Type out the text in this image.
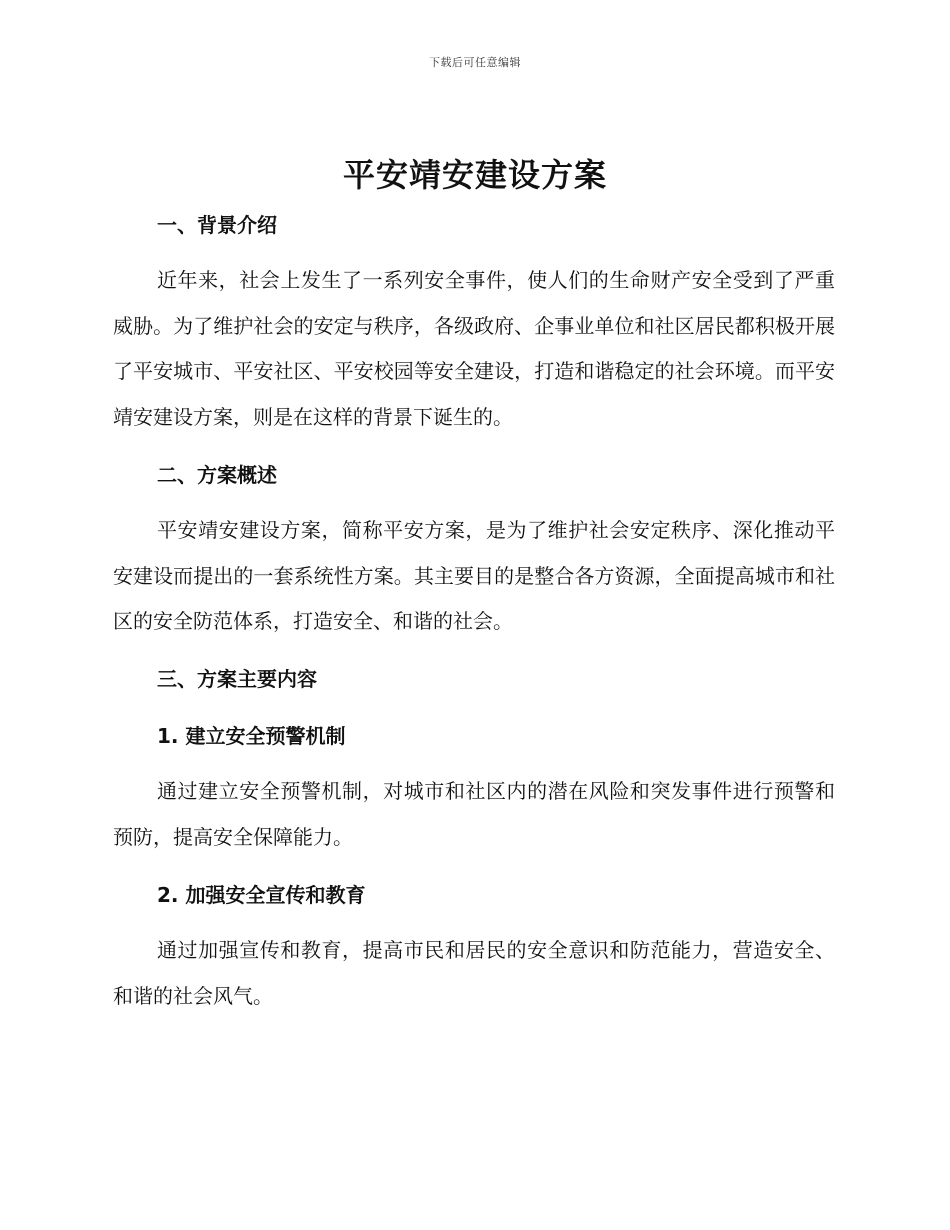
下载后可任意编辑
平安靖安建设方案
一、背景介绍

近年来，社会上发生了一系列安全事件，使人们的生命财产安全受到了严重威胁。为了维护社会的安定与秩序，各级政府、企事业单位和社区居民都积极开展了平安城市、平安社区、平安校园等安全建设，打造和谐稳定的社会环境。而平安靖安建设方案，则是在这样的背景下诞生的。

二、方案概述

平安靖安建设方案，简称平安方案，是为了维护社会安定秩序、深化推动平安建设而提出的一套系统性方案。其主要目的是整合各方资源，全面提高城市和社区的安全防范体系，打造安全、和谐的社会。

三、方案主要内容
1. 建立安全预警机制

通过建立安全预警机制，对城市和社区内的潜在风险和突发事件进行预警和预防，提高安全保障能力。

2. 加强安全宣传和教育

通过加强宣传和教育，提高市民和居民的安全意识和防范能力，营造安全、和谐的社会风气。
